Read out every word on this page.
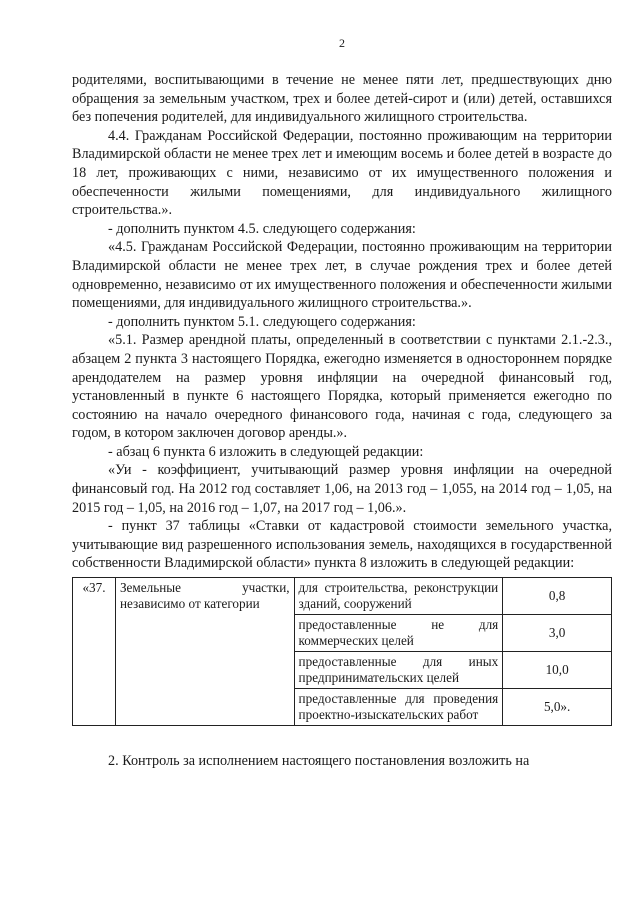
2

родителями, воспитывающими в течение не менее пяти лет, предшествующих дню обращения за земельным участком, трех и более детей-сирот и (или) детей, оставшихся без попечения родителей, для индивидуального жилищного строительства.

4.4. Гражданам Российской Федерации, постоянно проживающим на территории Владимирской области не менее трех лет и имеющим восемь и более детей в возрасте до 18 лет, проживающих с ними, независимо от их имущественного положения и обеспеченности жилыми помещениями, для индивидуального жилищного строительства.».

- дополнить пунктом 4.5. следующего содержания:

«4.5. Гражданам Российской Федерации, постоянно проживающим на территории Владимирской области не менее трех лет, в случае рождения трех и более детей одновременно, независимо от их имущественного положения и обеспеченности жилыми помещениями, для индивидуального жилищного строительства.».

- дополнить пунктом 5.1. следующего содержания:

«5.1. Размер арендной платы, определенный в соответствии с пунктами 2.1.-2.3., абзацем 2 пункта 3 настоящего Порядка, ежегодно изменяется в одностороннем порядке арендодателем на размер уровня инфляции на очередной финансовый год, установленный в пункте 6 настоящего Порядка, который применяется ежегодно по состоянию на начало очередного финансового года, начиная с года, следующего за годом, в котором заключен договор аренды.».

- абзац 6 пункта 6 изложить в следующей редакции:

«Уи - коэффициент, учитывающий размер уровня инфляции на очередной финансовый год. На 2012 год составляет 1,06, на 2013 год – 1,055, на 2014 год – 1,05, на 2015 год – 1,05, на 2016 год – 1,07, на 2017 год – 1,06.».

- пункт 37 таблицы «Ставки от кадастровой стоимости земельного участка, учитывающие вид разрешенного использования земель, находящихся в государственной собственности Владимирской области» пункта 8 изложить в следующей редакции:

«37.	Земельные участки, независимо от категории	для строительства, реконструкции зданий, сооружений	0,8
		предоставленные не для коммерческих целей	3,0
		предоставленные для иных предпринимательских целей	10,0
		предоставленные для проведения проектно-изыскательских работ	5,0».

2. Контроль за исполнением настоящего постановления возложить на
